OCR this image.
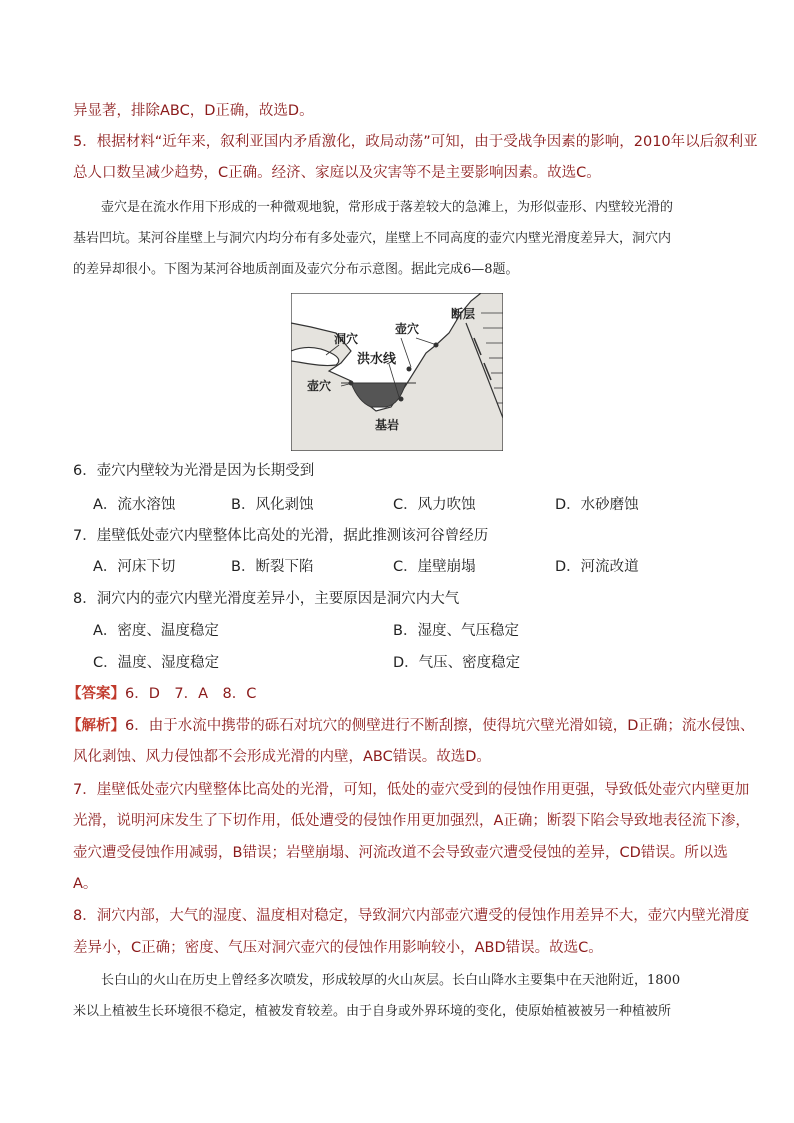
异显著，排除ABC，D正确，故选D。
5．根据材料“近年来，叙利亚国内矛盾激化，政局动荡”可知，由于受战争因素的影响，2010年以后叙利亚
总人口数呈减少趋势，C正确。经济、家庭以及灾害等不是主要影响因素。故选C。
壶穴是在流水作用下形成的一种微观地貌，常形成于落差较大的急滩上，为形似壶形、内壁较光滑的
基岩凹坑。某河谷崖壁上与洞穴内均分布有多处壶穴，崖壁上不同高度的壶穴内壁光滑度差异大，洞穴内
的差异却很小。下图为某河谷地质剖面及壶穴分布示意图。据此完成6—8题。
断层
洞穴
壶穴
洪水线
壶穴
基岩
6．壶穴内壁较为光滑是因为长期受到
A．流水溶蚀	B．风化剥蚀	C．风力吹蚀	D．水砂磨蚀
7．崖壁低处壶穴内壁整体比高处的光滑，据此推测该河谷曾经历
A．河床下切	B．断裂下陷	C．崖壁崩塌	D．河流改道
8．洞穴内的壶穴内壁光滑度差异小，主要原因是洞穴内大气
A．密度、温度稳定	B．湿度、气压稳定
C．温度、湿度稳定	D．气压、密度稳定
【答案】6．D　7．A　8．C
【解析】6．由于水流中携带的砾石对坑穴的侧壁进行不断刮擦，使得坑穴壁光滑如镜，D正确；流水侵蚀、
风化剥蚀、风力侵蚀都不会形成光滑的内壁，ABC错误。故选D。
7．崖壁低处壶穴内壁整体比高处的光滑，可知，低处的壶穴受到的侵蚀作用更强，导致低处壶穴内壁更加
光滑，说明河床发生了下切作用，低处遭受的侵蚀作用更加强烈，A正确；断裂下陷会导致地表径流下渗，
壶穴遭受侵蚀作用减弱，B错误；岩壁崩塌、河流改道不会导致壶穴遭受侵蚀的差异，CD错误。所以选
A。
8．洞穴内部，大气的湿度、温度相对稳定，导致洞穴内部壶穴遭受的侵蚀作用差异不大，壶穴内壁光滑度
差异小，C正确；密度、气压对洞穴壶穴的侵蚀作用影响较小，ABD错误。故选C。
长白山的火山在历史上曾经多次喷发，形成较厚的火山灰层。长白山降水主要集中在天池附近，1800
米以上植被生长环境很不稳定，植被发育较差。由于自身或外界环境的变化，使原始植被被另一种植被所
